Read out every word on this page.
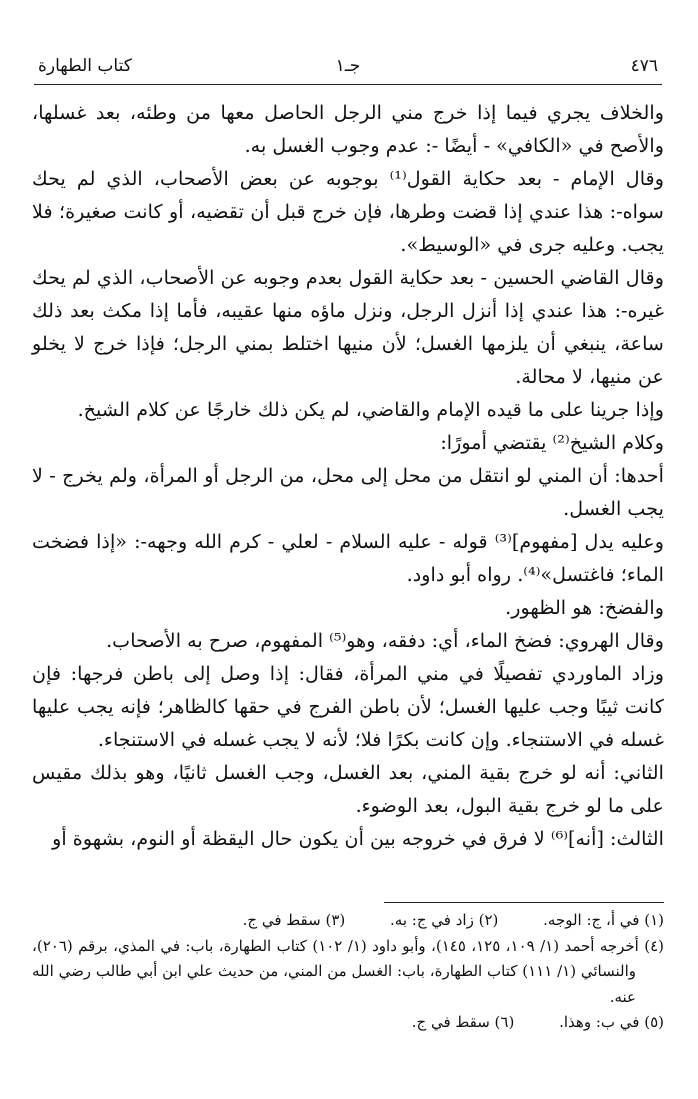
٤٧٦
جـ١
كتاب الطهارة

والخلاف يجري فيما إذا خرج مني الرجل الحاصل معها من وطئه، بعد غسلها، والأصح في «الكافي» - أيضًا -: عدم وجوب الغسل به.

وقال الإمام - بعد حكاية القول⁽¹⁾ بوجوبه عن بعض الأصحاب، الذي لم يحك سواه-: هذا عندي إذا قضت وطرها، فإن خرج قبل أن تقضيه، أو كانت صغيرة؛ فلا يجب. وعليه جرى في «الوسيط».

وقال القاضي الحسين - بعد حكاية القول بعدم وجوبه عن الأصحاب، الذي لم يحك غيره-: هذا عندي إذا أنزل الرجل، ونزل ماؤه منها عقيبه، فأما إذا مكث بعد ذلك ساعة، ينبغي أن يلزمها الغسل؛ لأن منيها اختلط بمني الرجل؛ فإذا خرج لا يخلو عن منيها، لا محالة.

وإذا جرينا على ما قيده الإمام والقاضي، لم يكن ذلك خارجًا عن كلام الشيخ.

وكلام الشيخ⁽²⁾ يقتضي أمورًا:

أحدها: أن المني لو انتقل من محل إلى محل، من الرجل أو المرأة، ولم يخرج - لا يجب الغسل.

وعليه يدل [مفهوم]⁽³⁾ قوله - عليه السلام - لعلي - كرم الله وجهه-: «إذا فضخت الماء؛ فاغتسل»⁽⁴⁾. رواه أبو داود.

والفضخ: هو الظهور.

وقال الهروي: فضخ الماء، أي: دفقه، وهو⁽⁵⁾ المفهوم، صرح به الأصحاب.

وزاد الماوردي تفصيلًا في مني المرأة، فقال: إذا وصل إلى باطن فرجها: فإن كانت ثيبًا وجب عليها الغسل؛ لأن باطن الفرج في حقها كالظاهر؛ فإنه يجب عليها غسله في الاستنجاء. وإن كانت بكرًا فلا؛ لأنه لا يجب غسله في الاستنجاء.

الثاني: أنه لو خرج بقية المني، بعد الغسل، وجب الغسل ثانيًا، وهو بذلك مقيس على ما لو خرج بقية البول، بعد الوضوء.

الثالث: [أنه]⁽⁶⁾ لا فرق في خروجه بين أن يكون حال اليقظة أو النوم، بشهوة أو

(١) في أ، ج: الوجه. (٢) زاد في ج: به. (٣) سقط في ج.
(٤) أخرجه أحمد (١/ ١٠٩، ١٢٥، ١٤٥)، وأبو داود (١/ ١٠٢) كتاب الطهارة، باب: في المذي، برقم (٢٠٦)، والنسائي (١/ ١١١) كتاب الطهارة، باب: الغسل من المني، من حديث علي ابن أبي طالب رضي الله عنه.
(٥) في ب: وهذا. (٦) سقط في ج.
